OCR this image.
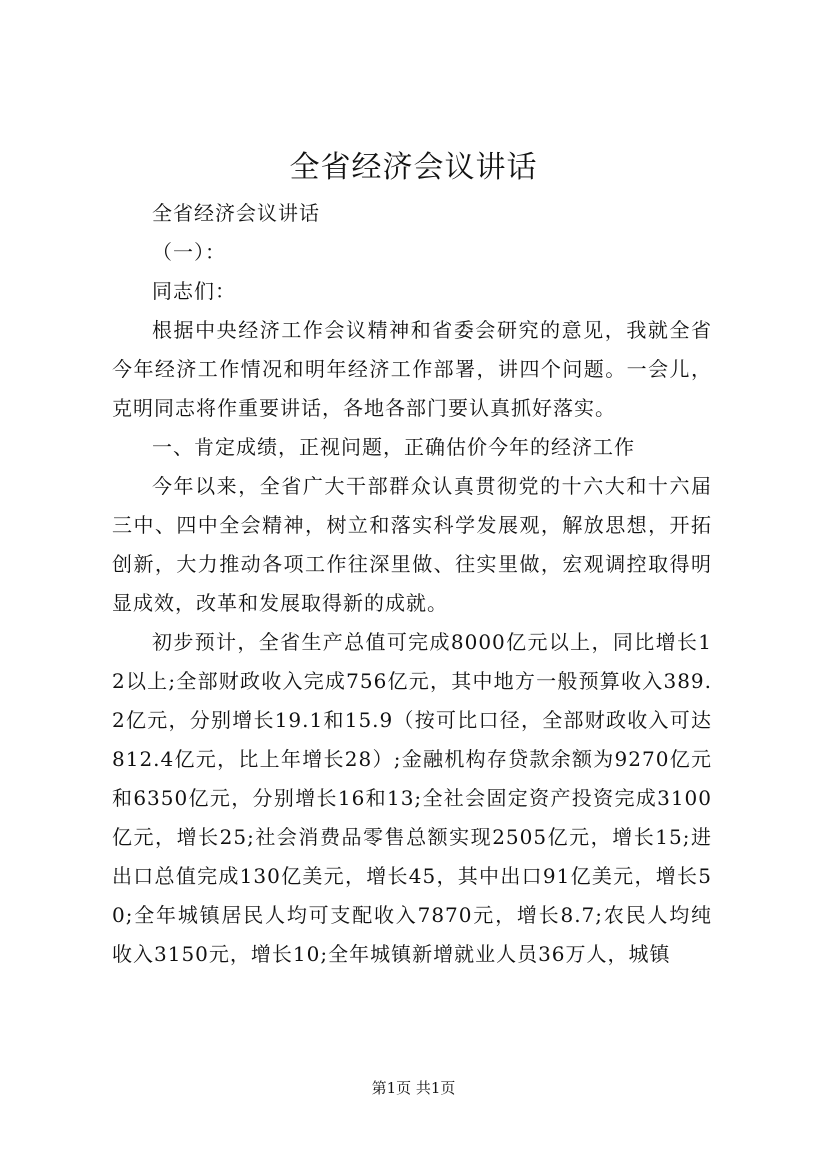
全省经济会议讲话

全省经济会议讲话

（一）：

同志们：

根据中央经济工作会议精神和省委会研究的意见，我就全省今年经济工作情况和明年经济工作部署，讲四个问题。一会儿，克明同志将作重要讲话，各地各部门要认真抓好落实。

一、肯定成绩，正视问题，正确估价今年的经济工作

今年以来，全省广大干部群众认真贯彻党的十六大和十六届三中、四中全会精神，树立和落实科学发展观，解放思想，开拓创新，大力推动各项工作往深里做、往实里做，宏观调控取得明显成效，改革和发展取得新的成就。

初步预计，全省生产总值可完成8000亿元以上，同比增长12以上;全部财政收入完成756亿元，其中地方一般预算收入389.2亿元，分别增长19.1和15.9（按可比口径，全部财政收入可达812.4亿元，比上年增长28）;金融机构存贷款余额为9270亿元和6350亿元，分别增长16和13;全社会固定资产投资完成3100亿元，增长25;社会消费品零售总额实现2505亿元，增长15;进出口总值完成130亿美元，增长45，其中出口91亿美元，增长50;全年城镇居民人均可支配收入7870元，增长8.7;农民人均纯收入3150元，增长10;全年城镇新增就业人员36万人，城镇

第1页 共1页
